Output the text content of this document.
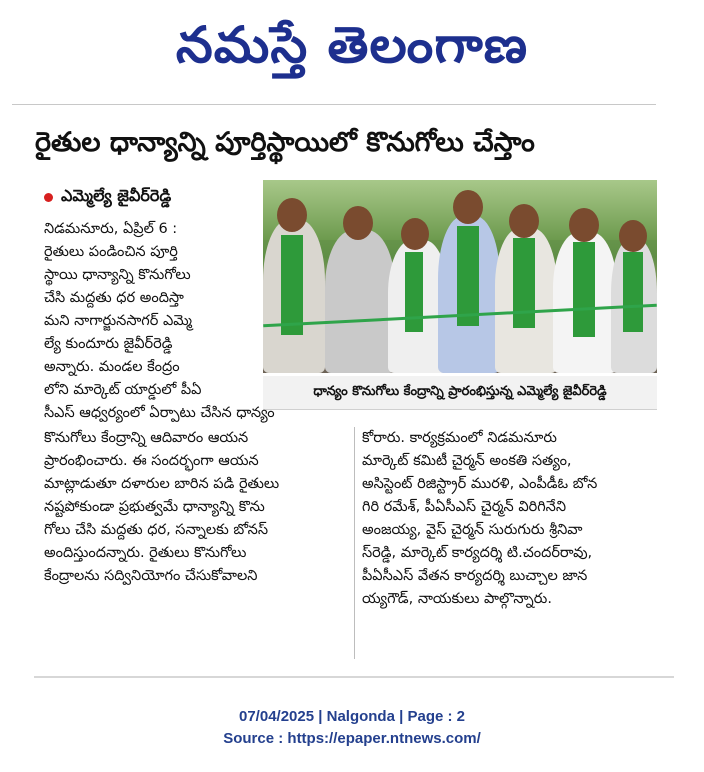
నమస్తే తెలంగాణ
రైతుల ధాన్యాన్ని పూర్తిస్థాయిలో కొనుగోలు చేస్తాం
ఎమ్మెల్యే జైవీర్‌రెడ్డి
ధాన్యం కొనుగోలు కేంద్రాన్ని ప్రారంభిస్తున్న ఎమ్మెల్యే జైవీర్‌రెడ్డి

నిడమనూరు, ఏప్రిల్ 6 :

రైతులు పండించిన పూర్తి

స్థాయి ధాన్యాన్ని కొనుగోలు

చేసి మద్దతు ధర అందిస్తా

మని నాగార్జునసాగర్ ఎమ్మె

ల్యే కుందూరు జైవీర్‌రెడ్డి

అన్నారు. మండల కేంద్రం

లోని మార్కెట్ యార్డులో పీఏ

సీఎస్ ఆధ్వర్యంలో ఏర్పాటు చేసిన ధాన్యం

కొనుగోలు కేంద్రాన్ని ఆదివారం ఆయన

ప్రారంభించారు. ఈ సందర్భంగా ఆయన

మాట్లాడుతూ దళారుల బారిన పడి రైతులు

నష్టపోకుండా ప్రభుత్వమే ధాన్యాన్ని కొను

గోలు చేసి మద్దతు ధర, సన్నాలకు బోనస్

అందిస్తుందన్నారు. రైతులు కొనుగోలు

కేంద్రాలను సద్వినియోగం చేసుకోవాలని

కోరారు. కార్యక్రమంలో నిడమనూరు

మార్కెట్ కమిటీ చైర్మన్ అంకతి సత్యం,

అసిస్టెంట్ రిజిస్ట్రార్ మురళి, ఎంపీడీఓ బోన

గిరి రమేశ్, పీఏసీఎస్ చైర్మన్ విరిగినేని

అంజయ్య, వైస్ చైర్మన్ సురుగురు శ్రీనివా

స్‌రెడ్డి, మార్కెట్ కార్యదర్శి టి.చందర్‌రావు,

పీఏసీఎస్ వేతన కార్యదర్శి బుచ్చాల జాన

య్యగౌడ్, నాయకులు పాల్గొన్నారు.

07/04/2025 | Nalgonda | Page : 2
Source : https://epaper.ntnews.com/
